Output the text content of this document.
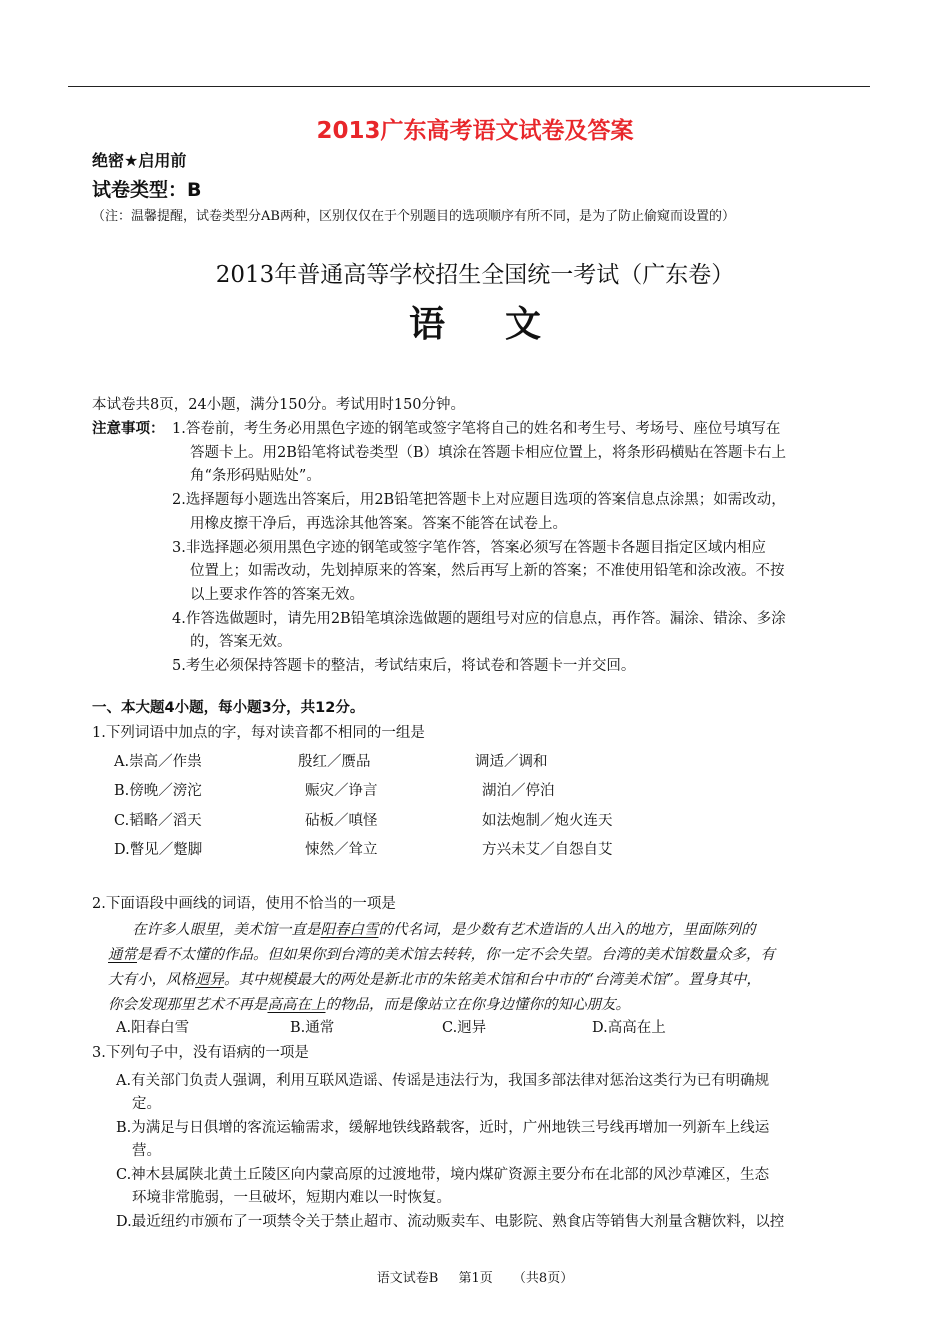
2013广东高考语文试卷及答案
绝密★启用前
试卷类型：B
（注：温馨提醒，试卷类型分AB两种，区别仅仅在于个别题目的选项顺序有所不同，是为了防止偷窥而设置的）
2013年普通高等学校招生全国统一考试（广东卷）
语文
本试卷共8页，24小题，满分150分。考试用时150分钟。
注意事项： 1.答卷前，考生务必用黑色字迹的钢笔或签字笔将自己的姓名和考生号、考场号、座位号填写在
答题卡上。用2B铅笔将试卷类型（B）填涂在答题卡相应位置上，将条形码横贴在答题卡右上
角“条形码贴贴处”。
2.选择题每小题选出答案后，用2B铅笔把答题卡上对应题目选项的答案信息点涂黑；如需改动，
用橡皮擦干净后，再选涂其他答案。答案不能答在试卷上。
3.非选择题必须用黑色字迹的钢笔或签字笔作答，答案必须写在答题卡各题目指定区域内相应
位置上；如需改动，先划掉原来的答案，然后再写上新的答案；不准使用铅笔和涂改液。不按
以上要求作答的答案无效。
4.作答选做题时，请先用2B铅笔填涂选做题的题组号对应的信息点，再作答。漏涂、错涂、多涂
的，答案无效。
5.考生必须保持答题卡的整洁，考试结束后，将试卷和答题卡一并交回。
一、本大题4小题，每小题3分，共12分。
1.下列词语中加点的字，每对读音都不相同的一组是
A.崇高／作祟	殷红／赝品	调适／调和
B.傍晚／滂沱	赈灾／诤言	湖泊／停泊
C.韬略／滔天	砧板／嗔怪	如法炮制／炮火连天
D.瞥见／蹩脚	悚然／耸立	方兴未艾／自怨自艾
2.下面语段中画线的词语，使用不恰当的一项是
在许多人眼里，美术馆一直是阳春白雪的代名词，是少数有艺术造诣的人出入的地方，里面陈列的
通常是看不太懂的作品。但如果你到台湾的美术馆去转转，你一定不会失望。台湾的美术馆数量众多，有
大有小，风格迥异。其中规模最大的两处是新北市的朱铭美术馆和台中市的“台湾美术馆”。置身其中，
你会发现那里艺术不再是高高在上的物品，而是像站立在你身边懂你的知心朋友。
A.阳春白雪	B.通常	C.迥异	D.高高在上
3.下列句子中，没有语病的一项是
A.有关部门负责人强调，利用互联风造谣、传谣是违法行为，我国多部法律对惩治这类行为已有明确规
定。
B.为满足与日俱增的客流运输需求，缓解地铁线路载客，近时，广州地铁三号线再增加一列新车上线运
营。
C.神木县属陕北黄土丘陵区向内蒙高原的过渡地带，境内煤矿资源主要分布在北部的风沙草滩区，生态
环境非常脆弱，一旦破坏，短期内难以一时恢复。
D.最近纽约市颁布了一项禁令关于禁止超市、流动贩卖车、电影院、熟食店等销售大剂量含糖饮料，以控
语文试卷B 第1页 （共8页）
